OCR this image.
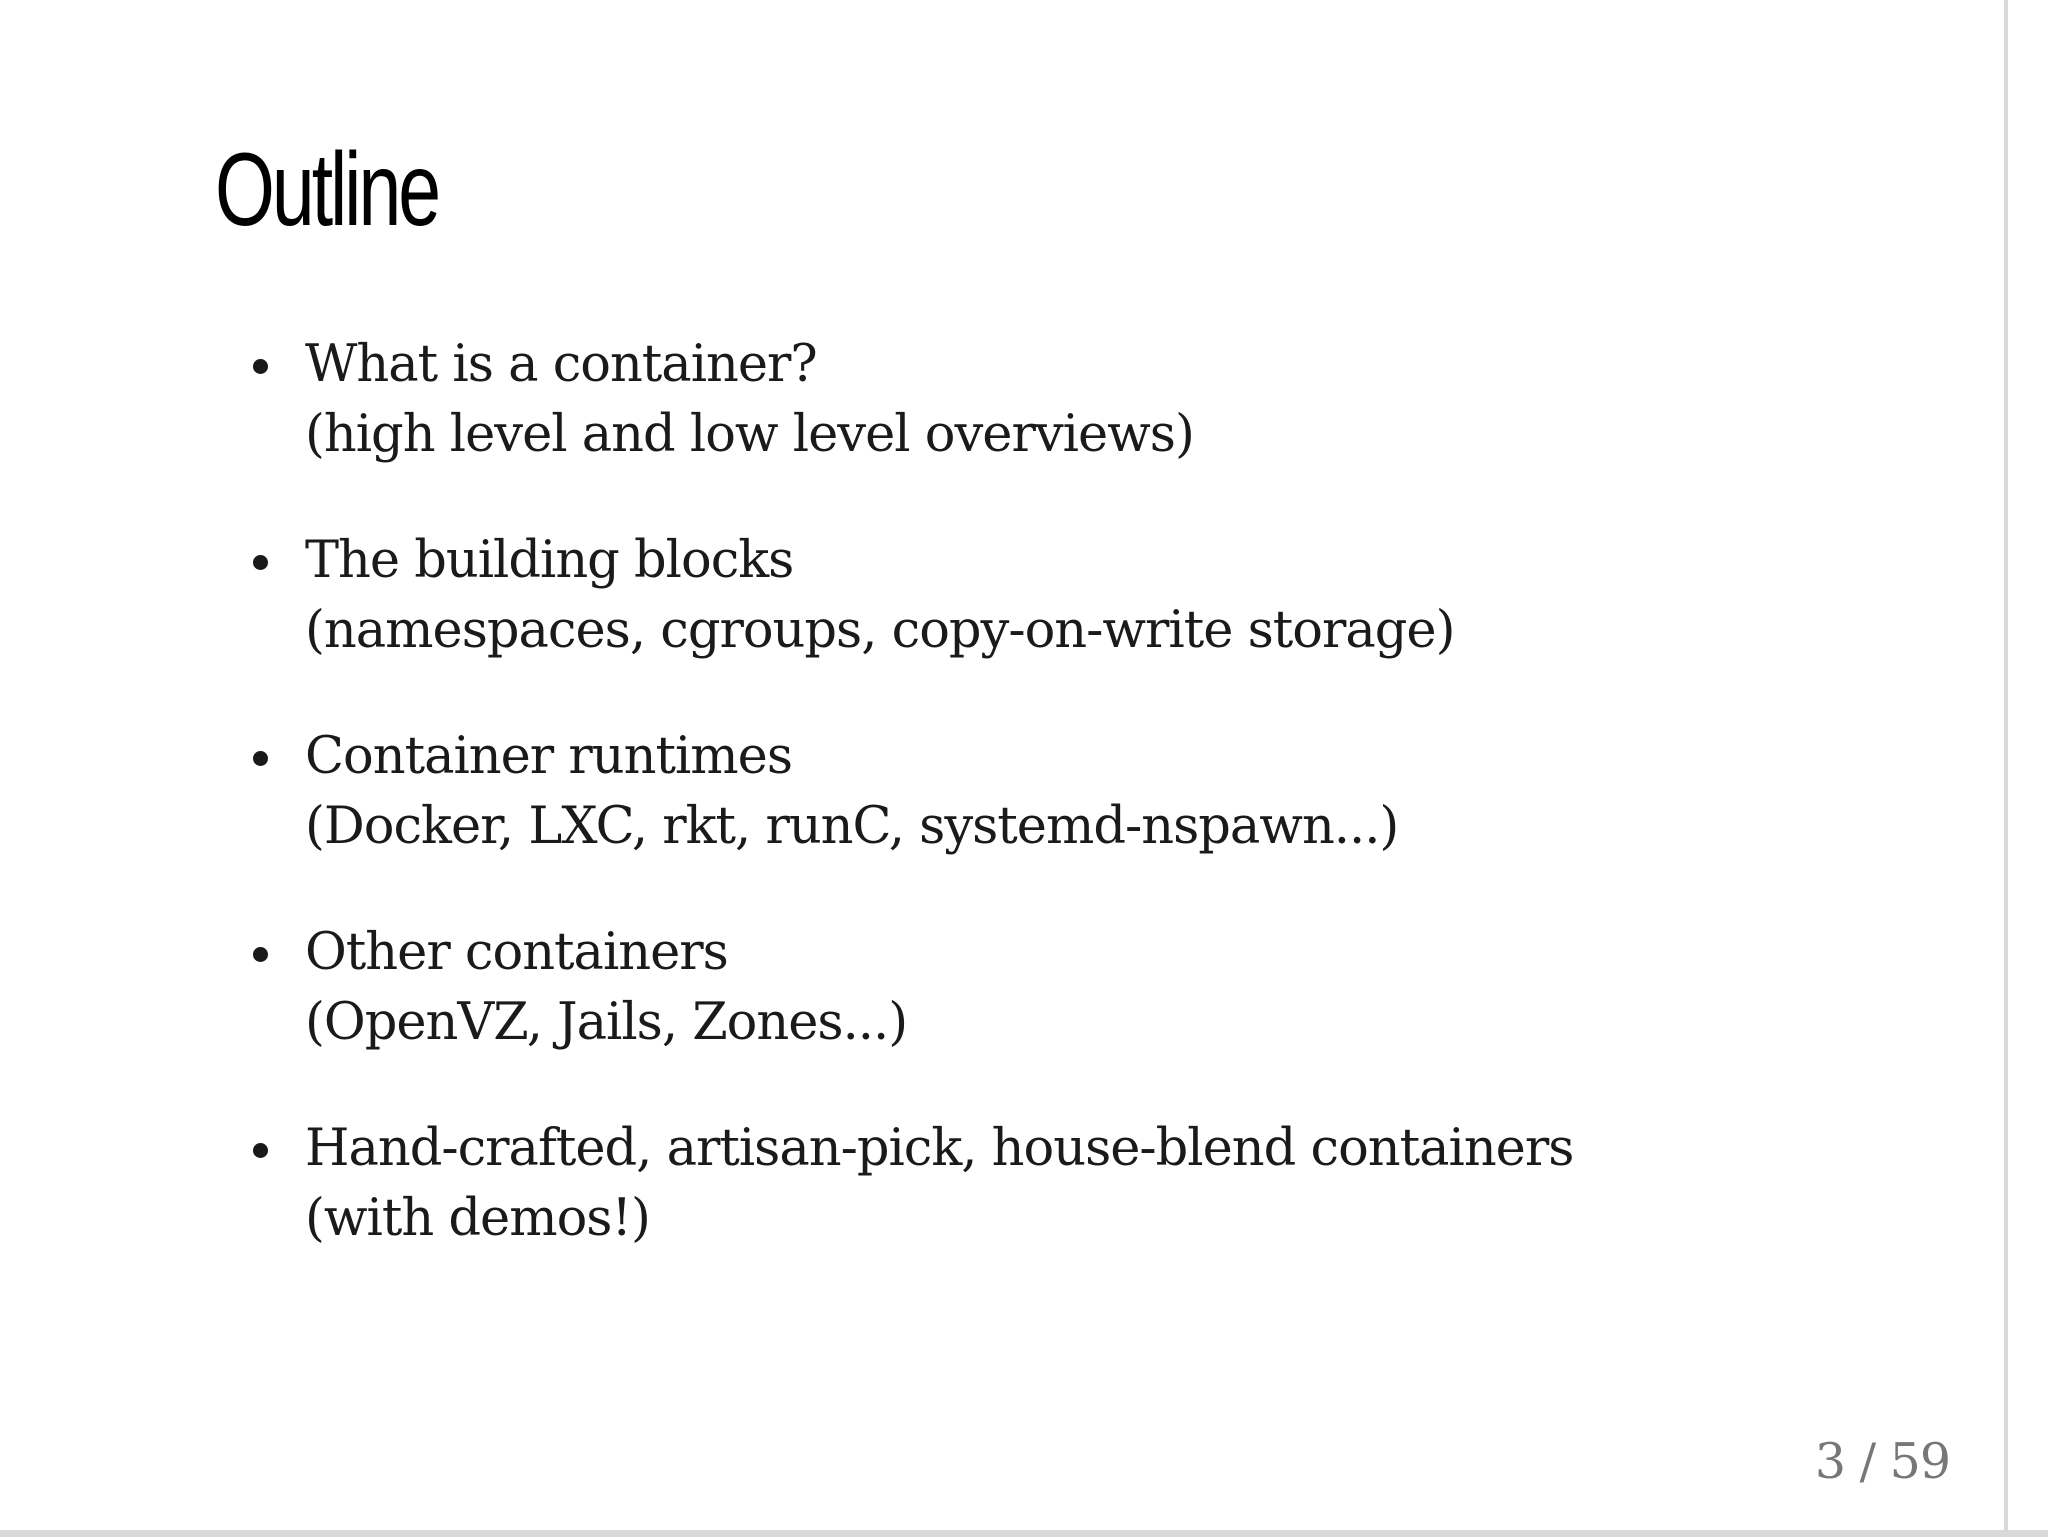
Outline
What is a container?
(high level and low level overviews)
The building blocks
(namespaces, cgroups, copy-on-write storage)
Container runtimes
(Docker, LXC, rkt, runC, systemd-nspawn...)
Other containers
(OpenVZ, Jails, Zones...)
Hand-crafted, artisan-pick, house-blend containers
(with demos!)
3 / 59
